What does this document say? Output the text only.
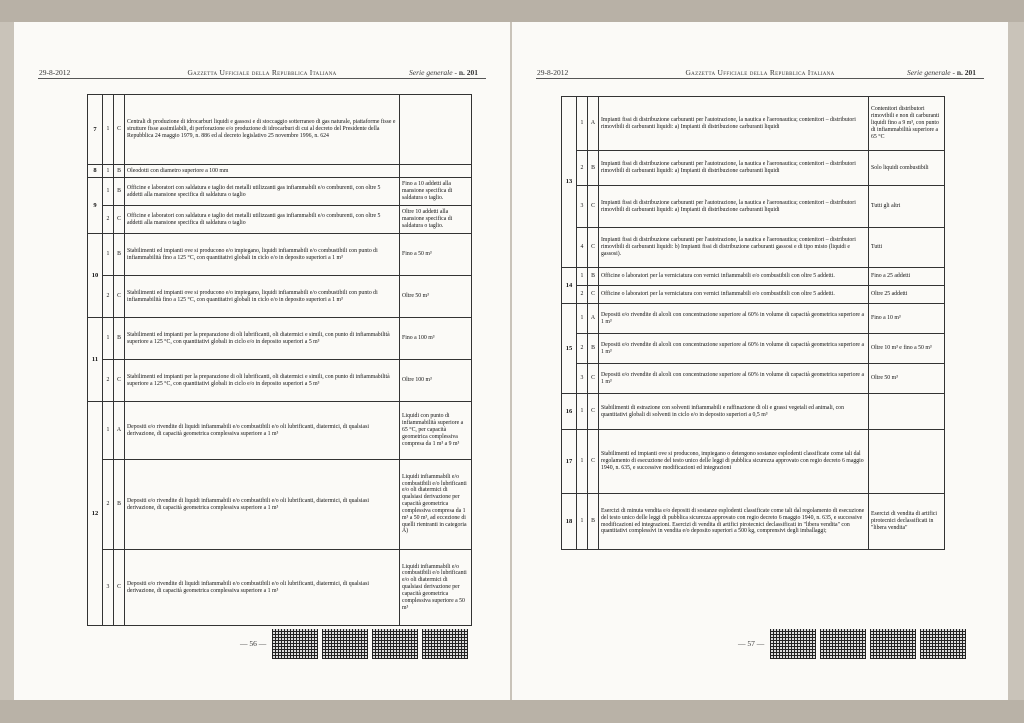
29-8-2012	Gazzetta Ufficiale della Repubblica Italiana	Serie generale - n. 201
7	1	C	Centrali di produzione di idrocarburi liquidi e gassosi e di stoccaggio sotterraneo di gas naturale, piattaforme fisse e strutture fisse assimilabili, di perforazione e/o produzione di idrocarburi di cui al decreto del Presidente della Repubblica 24 maggio 1979, n. 886 ed al decreto legislativo 25 novembre 1996, n. 624	
8	1	B	Oleodotti con diametro superiore a 100 mm	
9	1	B	Officine e laboratori con saldatura e taglio dei metalli utilizzanti gas infiammabili e/o comburenti, con oltre 5 addetti alla mansione specifica di saldatura o taglio	Fino a 10 addetti alla mansione specifica di saldatura o taglio.
	2	C	Officine e laboratori con saldatura e taglio dei metalli utilizzanti gas infiammabili e/o comburenti, con oltre 5 addetti alla mansione specifica di saldatura o taglio	Oltre 10 addetti alla mansione specifica di saldatura o taglio.
10	1	B	Stabilimenti ed impianti ove si producono e/o impiegano, liquidi infiammabili e/o combustibili con punto di infiammabilità fino a 125 °C, con quantitativi globali in ciclo e/o in deposito superiori a 1 m³	Fino a 50 m³
	2	C	Stabilimenti ed impianti ove si producono e/o impiegano, liquidi infiammabili e/o combustibili con punto di infiammabilità fino a 125 °C, con quantitativi globali in ciclo e/o in deposito superiori a 1 m³	Oltre 50 m³
11	1	B	Stabilimenti ed impianti per la preparazione di oli lubrificanti, oli diatermici e simili, con punto di infiammabilità superiore a 125 °C, con quantitativi globali in ciclo e/o in deposito superiori a 5 m³	Fino a 100 m³
	2	C	Stabilimenti ed impianti per la preparazione di oli lubrificanti, oli diatermici e simili, con punto di infiammabilità superiore a 125 °C, con quantitativi globali in ciclo e/o in deposito superiori a 5 m³	Oltre 100 m³
12	1	A	Depositi e/o rivendite di liquidi infiammabili e/o combustibili e/o oli lubrificanti, diatermici, di qualsiasi derivazione, di capacità geometrica complessiva superiore a 1 m³	Liquidi con punto di infiammabilità superiore a 65 °C, per capacità geometrica complessiva compresa da 1 m³ a 9 m³
	2	B	Depositi e/o rivendite di liquidi infiammabili e/o combustibili e/o oli lubrificanti, diatermici, di qualsiasi derivazione, di capacità geometrica complessiva superiore a 1 m³	Liquidi infiammabili e/o combustibili e/o lubrificanti e/o oli diatermici di qualsiasi derivazione per capacità geometrica complessiva compresa da 1 m³ a 50 m³, ad eccezione di quelli rientranti in categoria A)
	3	C	Depositi e/o rivendite di liquidi infiammabili e/o combustibili e/o oli lubrificanti, diatermici, di qualsiasi derivazione, di capacità geometrica complessiva superiore a 1 m³	Liquidi infiammabili e/o combustibili e/o lubrificanti e/o oli diatermici di qualsiasi derivazione per capacità geometrica complessiva superiore a 50 m³
— 56 —
29-8-2012	Gazzetta Ufficiale della Repubblica Italiana	Serie generale - n. 201
13	1	A	Impianti fissi di distribuzione carburanti per l'autotrazione, la nautica e l'aeronautica; contenitori – distributori rimovibili di carburanti liquidi: a) Impianti di distribuzione carburanti liquidi	Contenitori distributori rimovibili e non di carburanti liquidi fino a 9 m³, con punto di infiammabilità superiore a 65 °C
	2	B	Impianti fissi di distribuzione carburanti per l'autotrazione, la nautica e l'aeronautica; contenitori – distributori rimovibili di carburanti liquidi: a) Impianti di distribuzione carburanti liquidi	Solo liquidi combustibili
	3	C	Impianti fissi di distribuzione carburanti per l'autotrazione, la nautica e l'aeronautica; contenitori – distributori rimovibili di carburanti liquidi: a) Impianti di distribuzione carburanti liquidi	Tutti gli altri
	4	C	Impianti fissi di distribuzione carburanti per l'autotrazione, la nautica e l'aeronautica; contenitori – distributori rimovibili di carburanti liquidi: b) Impianti fissi di distribuzione carburanti gassosi e di tipo misto (liquidi e gassosi).	Tutti
14	1	B	Officine o laboratori per la verniciatura con vernici infiammabili e/o combustibili con oltre 5 addetti.	Fino a 25 addetti
	2	C	Officine o laboratori per la verniciatura con vernici infiammabili e/o combustibili con oltre 5 addetti.	Oltre 25 addetti
15	1	A	Depositi e/o rivendite di alcoli con concentrazione superiore al 60% in volume di capacità geometrica superiore a 1 m³	Fino a 10 m³
	2	B	Depositi e/o rivendite di alcoli con concentrazione superiore al 60% in volume di capacità geometrica superiore a 1 m³	Oltre 10 m³ e fino a 50 m³
	3	C	Depositi e/o rivendite di alcoli con concentrazione superiore al 60% in volume di capacità geometrica superiore a 1 m³	Oltre 50 m³
16	1	C	Stabilimenti di estrazione con solventi infiammabili e raffinazione di oli e grassi vegetali ed animali, con quantitativi globali di solventi in ciclo e/o in deposito superiori a 0,5 m³	
17	1	C	Stabilimenti ed impianti ove si producono, impiegano o detengono sostanze esplodenti classificate come tali dal regolamento di esecuzione del testo unico delle leggi di pubblica sicurezza approvato con regio decreto 6 maggio 1940, n. 635, e successive modificazioni ed integrazioni	
18	1	B	Esercizi di minuta vendita e/o depositi di sostanze esplodenti classificate come tali dal regolamento di esecuzione del testo unico delle leggi di pubblica sicurezza approvato con regio decreto 6 maggio 1940, n. 635, e successive modificazioni ed integrazioni. Esercizi di vendita di artifici pirotecnici declassificati in "libera vendita" con quantitativi complessivi in vendita e/o deposito superiori a 500 kg, comprensivi degli imballaggi;	Esercizi di vendita di artifici pirotecnici declassificati in "libera vendita"
— 57 —
